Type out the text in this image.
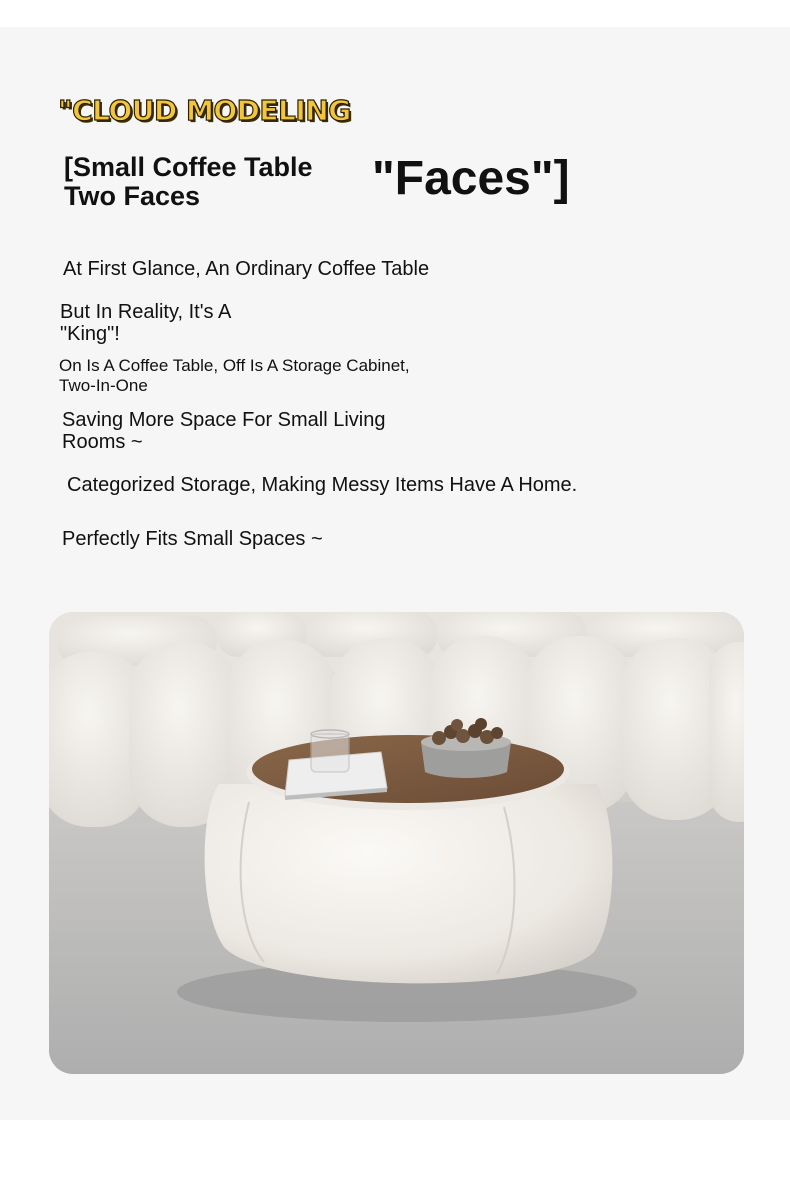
"CLOUD MODELING
[Small Coffee Table
Two Faces	"Faces"]
At First Glance, An Ordinary Coffee Table
But In Reality, It's A
"King"!
On Is A Coffee Table, Off Is A Storage Cabinet,
Two-In-One
Saving More Space For Small Living
Rooms ~
Categorized Storage, Making Messy Items Have A Home.
Perfectly Fits Small Spaces ~
